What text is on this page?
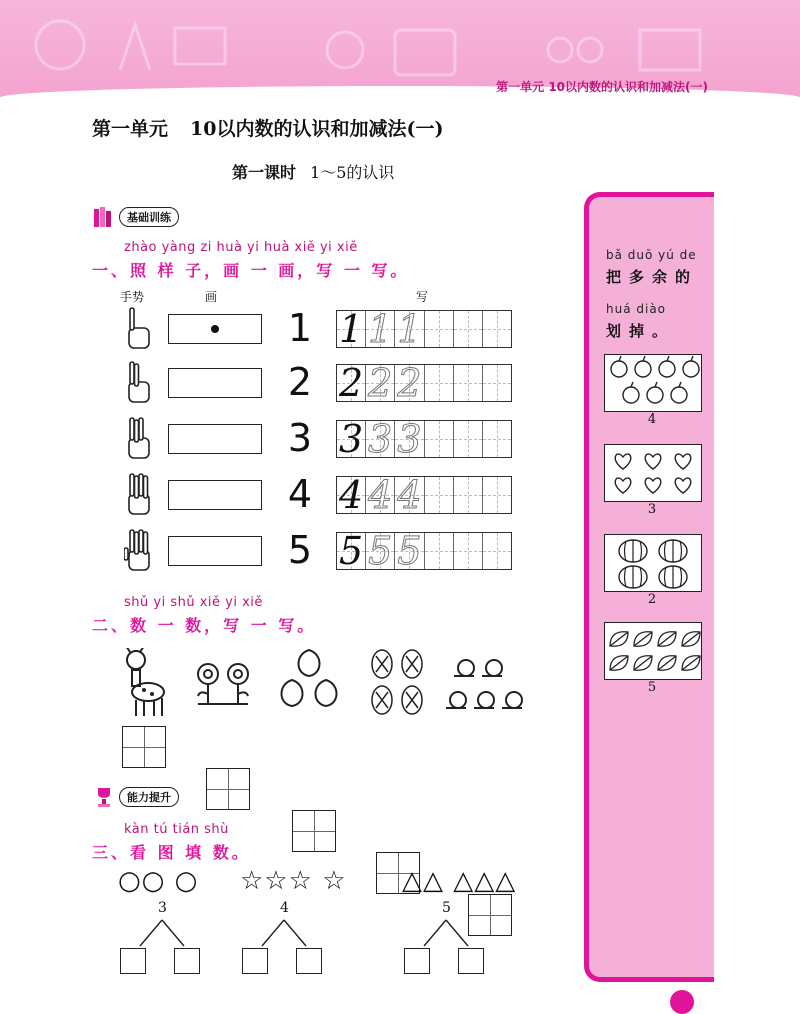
第一单元 10以内数的认识和加减法(一)
第一单元 10以内数的认识和加减法(一)
第一课时 1～5的认识
基础训练
zhào yàng zi huà yi huà xiě yi xiě
一、照 样 子，画 一 画，写 一 写。
手势	画	写
1 1 1 1
2 2 2 2
3 3 3 3
4 4 4 4
5 5 5 5
shǔ yi shǔ xiě yi xiě
二、数 一 数，写 一 写。
能力提升
kàn tú tián shù
三、看 图 填 数。
○○ ○
3
☆☆☆ ☆
4
△△ △△△
5
bǎ duō yú de
把多余的
huá diào
划掉。
4
3
2
5
